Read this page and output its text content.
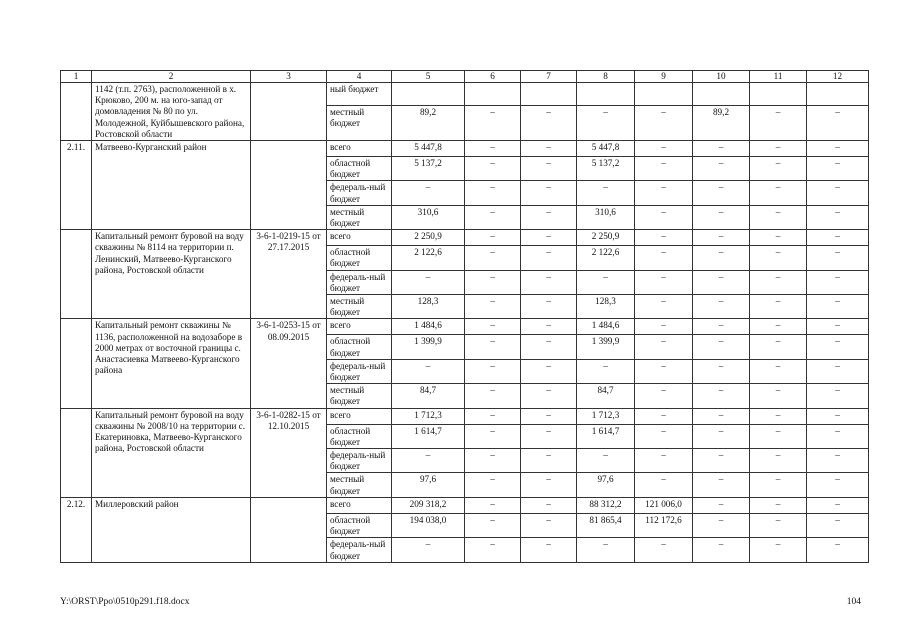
1	2	3	4	5	6	7	8	9	10	11	12
	1142 (т.п. 2763), расположенной в х. Крюково, 200 м. на юго-запад от домовладения № 80 по ул. Молодежной, Куйбышевского района, Ростовской области		ный бюджет								
			местный бюджет	89,2	–	–	–	–	89,2	–	–
2.11.	Матвеево-Курганский район		всего	5 447,8	–	–	5 447,8	–	–	–	–
			областной бюджет	5 137,2	–	–	5 137,2	–	–	–	–
			федераль-ный бюджет	–	–	–	–	–	–	–	–
			местный бюджет	310,6	–	–	310,6	–	–	–	–
	Капитальный ремонт буровой на воду скважины № 8114 на территории п. Ленинский, Матвеево-Курганского района, Ростовской области	3-6-1-0219-15 от 27.17.2015	всего	2 250,9	–	–	2 250,9	–	–	–	–
			областной бюджет	2 122,6	–	–	2 122,6	–	–	–	–
			федераль-ный бюджет	–	–	–	–	–	–	–	–
			местный бюджет	128,3	–	–	128,3	–	–	–	–
	Капитальный ремонт скважины № 1136, расположенной на водозаборе в 2000 метрах от восточной границы с. Анастасиевка Матвеево-Курганского района	3-6-1-0253-15 от 08.09.2015	всего	1 484,6	–	–	1 484,6	–	–	–	–
			областной бюджет	1 399,9	–	–	1 399,9	–	–	–	–
			федераль-ный бюджет	–	–	–	–	–	–	–	–
			местный бюджет	84,7	–	–	84,7	–	–	–	–
	Капитальный ремонт буровой на воду скважины № 2008/10 на территории с. Екатериновка, Матвеево-Курганского района, Ростовской области	3-6-1-0282-15 от 12.10.2015	всего	1 712,3	–	–	1 712,3	–	–	–	–
			областной бюджет	1 614,7	–	–	1 614,7	–	–	–	–
			федераль-ный бюджет	–	–	–	–	–	–	–	–
			местный бюджет	97,6	–	–	97,6	–	–	–	–
2.12.	Миллеровский район		всего	209 318,2	–	–	88 312,2	121 006,0	–	–	–
			областной бюджет	194 038,0	–	–	81 865,4	112 172,6	–	–	–
			федераль-ный бюджет	–	–	–	–	–	–	–	–
Y:\ORST\Ppo\0510p291.f18.docx	104
